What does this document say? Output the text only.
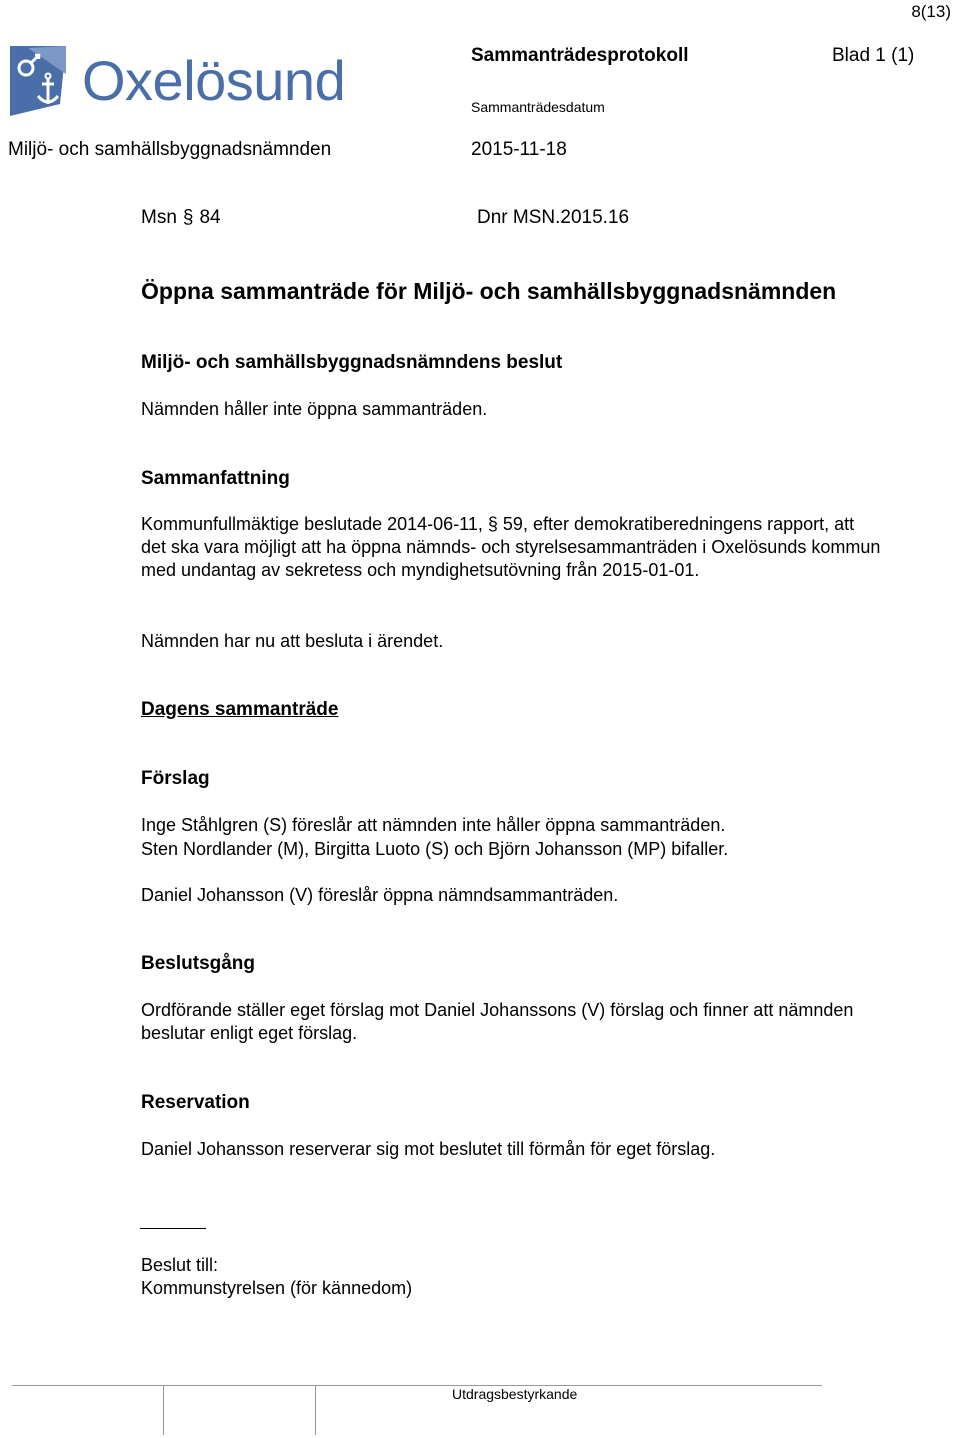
8(13)
Oxelösund	Sammanträdesprotokoll	Blad 1 (1)
Sammanträdesdatum
Miljö- och samhällsbyggnadsnämnden	2015-11-18
Msn § 84	Dnr MSN.2015.16
Öppna sammanträde för Miljö- och samhällsbyggnadsnämnden
Miljö- och samhällsbyggnadsnämndens beslut
Nämnden håller inte öppna sammanträden.
Sammanfattning
Kommunfullmäktige beslutade 2014-06-11, § 59, efter demokratiberedningens rapport, att det ska vara möjligt att ha öppna nämnds- och styrelsesammanträden i Oxelösunds kommun med undantag av sekretess och myndighetsutövning från 2015-01-01.
Nämnden har nu att besluta i ärendet.
Dagens sammanträde
Förslag
Inge Ståhlgren (S) föreslår att nämnden inte håller öppna sammanträden.
Sten Nordlander (M), Birgitta Luoto (S) och Björn Johansson (MP) bifaller.
Daniel Johansson (V) föreslår öppna nämndsammanträden.
Beslutsgång
Ordförande ställer eget förslag mot Daniel Johanssons (V) förslag och finner att nämnden beslutar enligt eget förslag.
Reservation
Daniel Johansson reserverar sig mot beslutet till förmån för eget förslag.
Beslut till:
Kommunstyrelsen (för kännedom)
Utdragsbestyrkande
